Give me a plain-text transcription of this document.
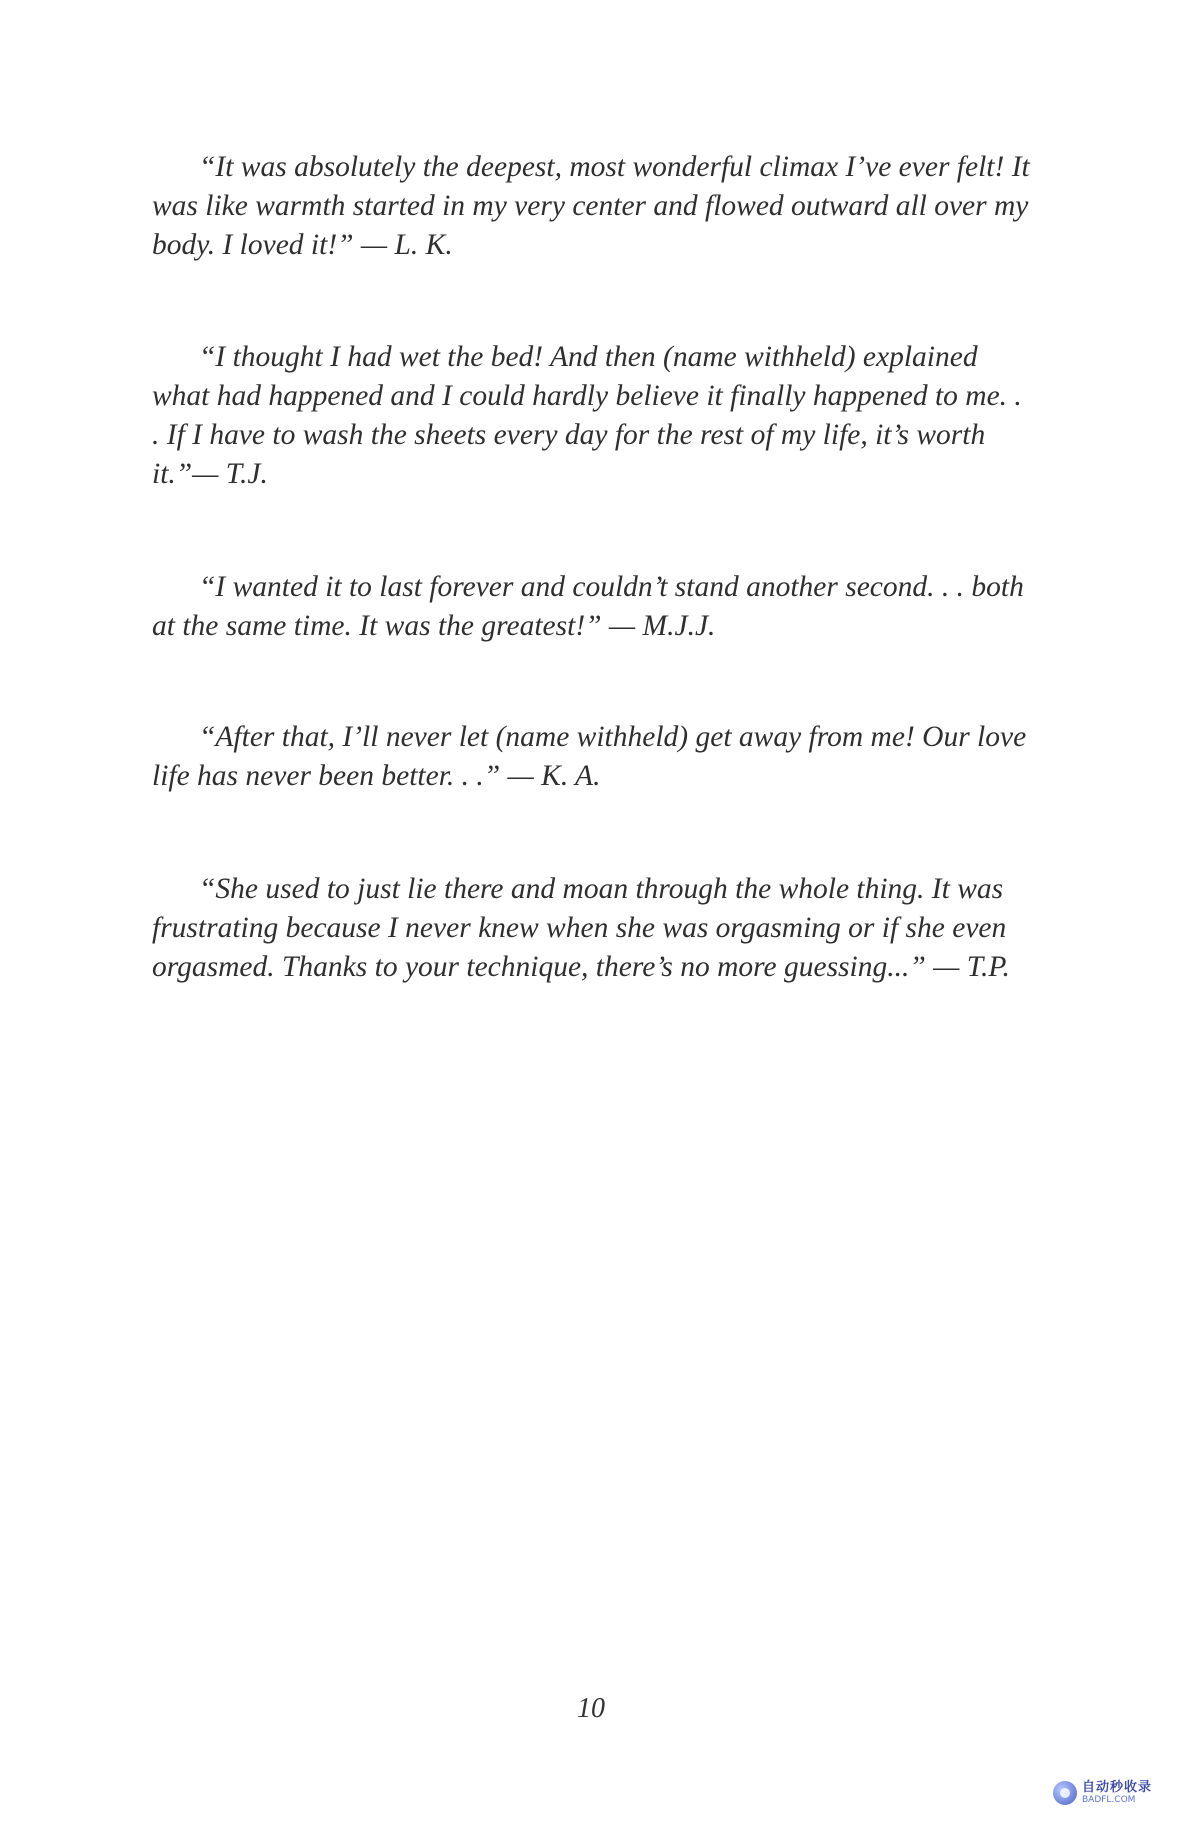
“It was absolutely the deepest, most wonderful climax I’ve ever felt! It was like warmth started in my very center and flowed outward all over my body. I loved it!” — L. K.

“I thought I had wet the bed! And then (name withheld) explained what had happened and I could hardly believe it finally happened to me. . . If I have to wash the sheets every day for the rest of my life, it’s worth it.”— T.J.

“I wanted it to last forever and couldn’t stand another second. . . both at the same time. It was the greatest!” — M.J.J.

“After that, I’ll never let (name withheld) get away from me! Our love life has never been better. . .” — K. A.

“She used to just lie there and moan through the whole thing. It was frustrating because I never knew when she was orgasming or if she even orgasmed. Thanks to your technique, there’s no more guessing...” — T.P.

10
自动秒收录
BADFL.COM
